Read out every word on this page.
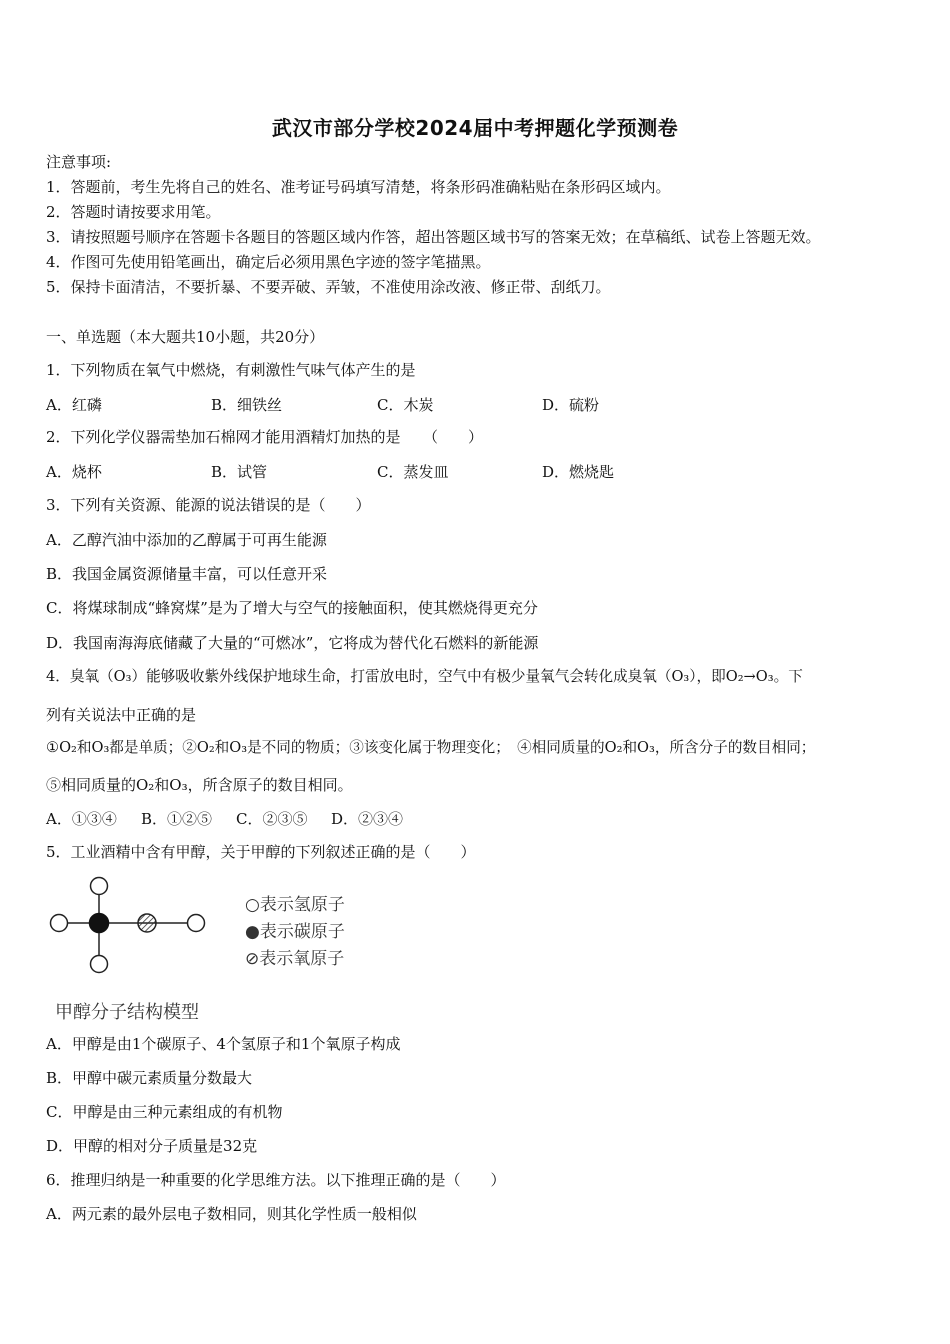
武汉市部分学校2024届中考押题化学预测卷
注意事项:
1．答题前，考生先将自己的姓名、准考证号码填写清楚，将条形码准确粘贴在条形码区域内。
2．答题时请按要求用笔。
3．请按照题号顺序在答题卡各题目的答题区域内作答，超出答题区域书写的答案无效；在草稿纸、试卷上答题无效。
4．作图可先使用铅笔画出，确定后必须用黑色字迹的签字笔描黑。
5．保持卡面清洁，不要折暴、不要弄破、弄皱，不准使用涂改液、修正带、刮纸刀。
一、单选题（本大题共10小题，共20分）
1．下列物质在氧气中燃烧，有刺激性气味气体产生的是
A．红磷	B．细铁丝	C．木炭	D．硫粉
2．下列化学仪器需垫加石棉网才能用酒精灯加热的是　　（　　）
A．烧杯	B．试管	C．蒸发皿	D．燃烧匙
3．下列有关资源、能源的说法错误的是（　　）
A．乙醇汽油中添加的乙醇属于可再生能源
B．我国金属资源储量丰富，可以任意开采
C．将煤球制成“蜂窝煤”是为了增大与空气的接触面积，使其燃烧得更充分
D．我国南海海底储藏了大量的“可燃冰”，它将成为替代化石燃料的新能源
4．臭氧（O₃）能够吸收紫外线保护地球生命，打雷放电时，空气中有极少量氧气会转化成臭氧（O₃），即O₂→O₃。下
列有关说法中正确的是
①O₂和O₃都是单质；②O₂和O₃是不同的物质；③该变化属于物理变化；　④相同质量的O₂和O₃，所含分子的数目相同；
⑤相同质量的O₂和O₃，所含原子的数目相同。
A．①③④ B．①②⑤ C．②③⑤ D．②③④
5．工业酒精中含有甲醇，关于甲醇的下列叙述正确的是（　　）
○表示氢原子
●表示碳原子
⊘表示氧原子
甲醇分子结构模型
A．甲醇是由1个碳原子、4个氢原子和1个氧原子构成
B．甲醇中碳元素质量分数最大
C．甲醇是由三种元素组成的有机物
D．甲醇的相对分子质量是32克
6．推理归纳是一种重要的化学思维方法。以下推理正确的是（　　）
A．两元素的最外层电子数相同，则其化学性质一般相似
